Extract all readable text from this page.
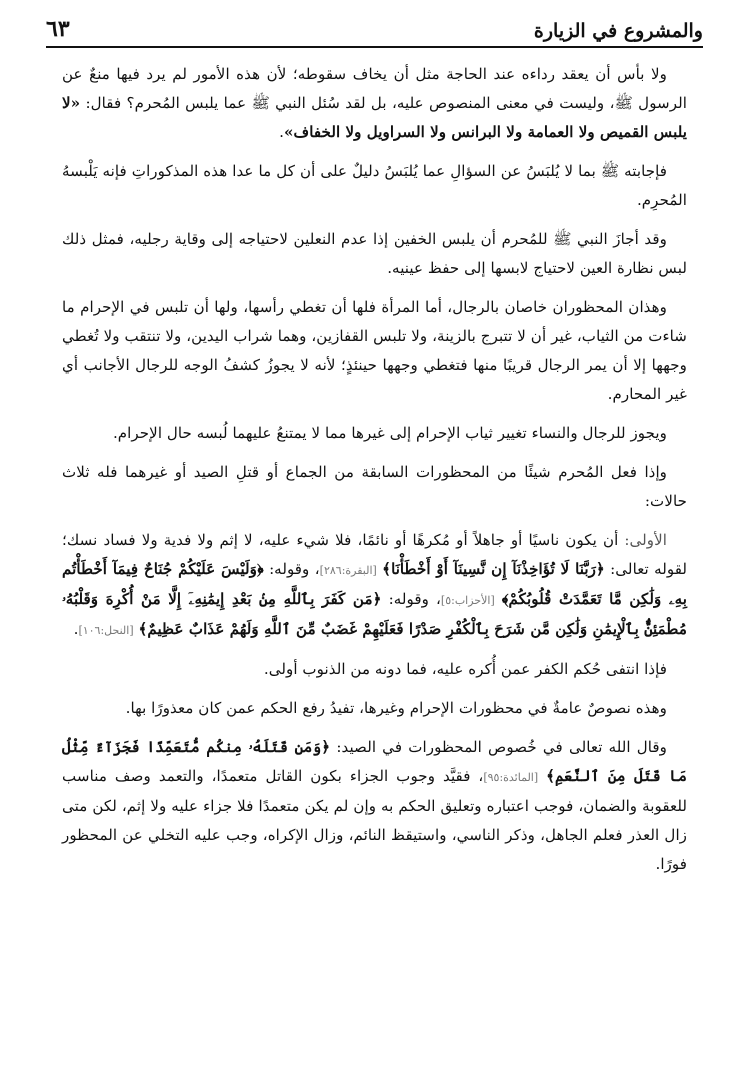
والمشروع في الزيارة
٦٣

ولا بأس أن يعقد رداءه عند الحاجة مثل أن يخاف سقوطه؛ لأن هذه الأمور لم يرد فيها منعٌ عن الرسول ﷺ، وليست في معنى المنصوص عليه، بل لقد سُئل النبي ﷺ عما يلبس المُحرم؟ فقال: «لا يلبس القميص ولا العمامة ولا البرانس ولا السراويل ولا الخفاف».

فإجابته ﷺ بما لا يُلبَسُ عن السؤالِ عما يُلبَسُ دليلٌ على أن كل ما عدا هذه المذكوراتِ فإنه يَلْبسهُ المُحرِم.

وقد أجازَ النبي ﷺ للمُحرم أن يلبس الخفين إذا عدم النعلين لاحتياجه إلى وقاية رجليه، فمثل ذلك لبس نظارة العين لاحتياج لابسها إلى حفظ عينيه.

وهذان المحظوران خاصان بالرجال، أما المرأة فلها أن تغطي رأسها، ولها أن تلبس في الإحرام ما شاءت من الثياب، غير أن لا تتبرج بالزينة، ولا تلبس القفازين، وهما شراب اليدين، ولا تنتقب ولا تُغطي وجهها إلا أن يمر الرجال قريبًا منها فتغطي وجهها حينئذٍ؛ لأنه لا يجوزُ كشفُ الوجه للرجال الأجانب أي غير المحارم.

ويجوز للرجال والنساء تغيير ثياب الإحرام إلى غيرها مما لا يمتنعُ عليهما لُبسه حال الإحرام.

وإذا فعل المُحرم شيئًا من المحظورات السابقة من الجماع أو قتلِ الصيد أو غيرهما فله ثلاث حالات:

الأولى: أن يكون ناسيًا أو جاهلاً أو مُكرهًا أو نائمًا، فلا شيء عليه، لا إثم ولا فدية ولا فساد نسك؛ لقوله تعالى: ﴿رَبَّنَا لَا تُؤَاخِذْنَآ إِن نَّسِينَآ أَوْ أَخْطَأْنَا﴾ [البقرة:٢٨٦]، وقوله: ﴿وَلَيْسَ عَلَيْكُمْ جُنَاحٌ فِيمَآ أَخْطَأْتُم بِهِۦ وَلَٰكِن مَّا تَعَمَّدَتْ قُلُوبُكُمْ﴾ [الأحزاب:٥]، وقوله: ﴿مَن كَفَرَ بِٱللَّهِ مِنۢ بَعْدِ إِيمَٰنِهِۦٓ إِلَّا مَنْ أُكْرِهَ وَقَلْبُهُۥ مُطْمَئِنٌّۢ بِٱلْإِيمَٰنِ وَلَٰكِن مَّن شَرَحَ بِٱلْكُفْرِ صَدْرًا فَعَلَيْهِمْ غَضَبٌ مِّنَ ٱللَّهِ وَلَهُمْ عَذَابٌ عَظِيمٌ﴾ [النحل:١٠٦].

فإذا انتفى حُكم الكفر عمن أُكره عليه، فما دونه من الذنوب أولى.

وهذه نصوصٌ عامةٌ في محظورات الإحرام وغيرها، تفيدُ رفع الحكم عمن كان معذورًا بها.

وقال الله تعالى في خُصوص المحظورات في الصيد: ﴿وَمَن قَتَلَهُۥ مِنكُم مُّتَعَمِّدًا فَجَزَآءٌ مِّثْلُ مَا قَتَلَ مِنَ ٱلنَّعَمِ﴾ [المائدة:٩٥]، فقيَّد وجوب الجزاء بكون القاتل متعمدًا، والتعمد وصف مناسب للعقوبة والضمان، فوجب اعتباره وتعليق الحكم به وإن لم يكن متعمدًا فلا جزاء عليه ولا إثم، لكن متى زال العذر فعلم الجاهل، وذكر الناسي، واستيقظ النائم، وزال الإكراه، وجب عليه التخلي عن المحظور فورًا.
